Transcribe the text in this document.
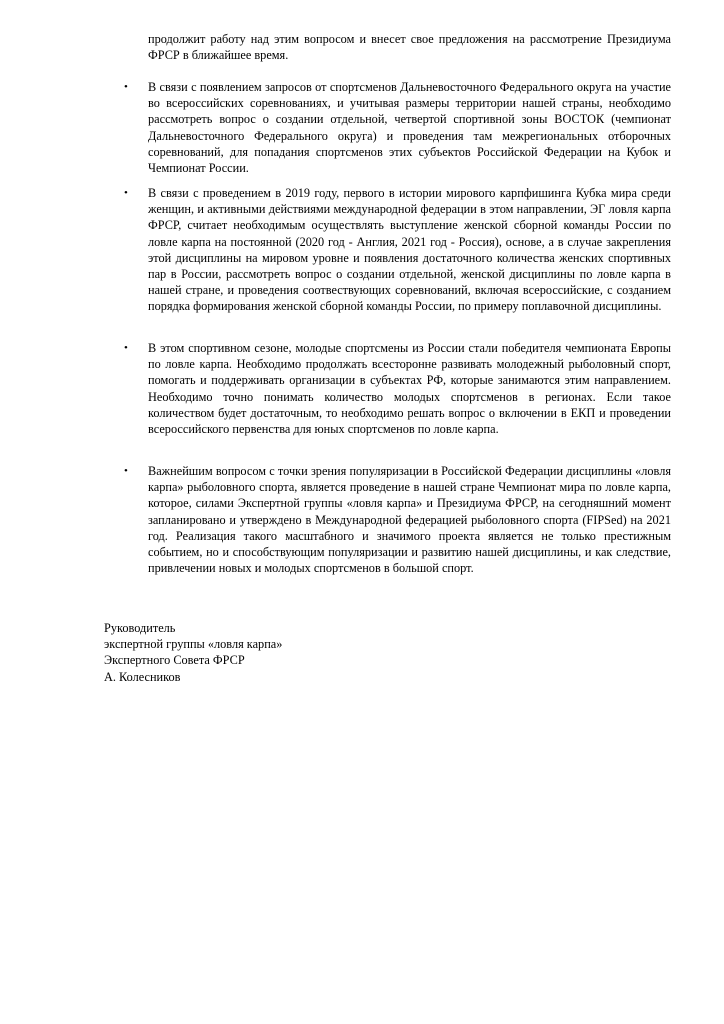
продолжит работу над этим вопросом и внесет свое предложения на рассмотрение Президиума ФРСР в ближайшее время.

• В связи с появлением запросов от спортсменов Дальневосточного Федерального округа на участие во всероссийских соревнованиях, и учитывая размеры территории нашей страны, необходимо рассмотреть вопрос о создании отдельной, четвертой спортивной зоны ВОСТОК (чемпионат Дальневосточного Федерального округа) и проведения там межрегиональных отборочных соревнований, для попадания спортсменов этих субъектов Российской Федерации на Кубок и Чемпионат России.

• В связи с проведением в 2019 году, первого в истории мирового карпфишинга Кубка мира среди женщин, и активными действиями международной федерации в этом направлении, ЭГ ловля карпа ФРСР, считает необходимым осуществлять выступление женской сборной команды России по ловле карпа на постоянной (2020 год - Англия, 2021 год - Россия), основе, а в случае закрепления этой дисциплины на мировом уровне и появления достаточного количества женских спортивных пар в России, рассмотреть вопрос о создании отдельной, женской дисциплины по ловле карпа в нашей стране, и проведения соотвествующих соревнований, включая всероссийские, с созданием порядка формирования женской сборной команды России, по примеру поплавочной дисциплины.

• В этом спортивном сезоне, молодые спортсмены из России стали победителя чемпионата Европы по ловле карпа. Необходимо продолжать всесторонне развивать молодежный рыболовный спорт, помогать и поддерживать организации в субъектах РФ, которые занимаются этим направлением. Необходимо точно понимать количество молодых спортсменов в регионах. Если такое количеством будет достаточным, то необходимо решать вопрос о включении в ЕКП и проведении всероссийского первенства для юных спортсменов по ловле карпа.

• Важнейшим вопросом с точки зрения популяризации в Российской Федерации дисциплины «ловля карпа» рыболовного спорта, является проведение в нашей стране Чемпионат мира по ловле карпа, которое, силами Экспертной группы «ловля карпа» и Президиума ФРСР, на сегодняшний момент запланировано и утверждено в Международной федерацией рыболовного спорта (FIPSed) на 2021 год. Реализация такого масштабного и значимого проекта является не только престижным событием, но и способствующим популяризации и развитию нашей дисциплины, и как следствие, привлечении новых и молодых спортсменов в большой спорт.

Руководитель
экспертной группы «ловля карпа»
Экспертного Совета ФРСР
А. Колесников
